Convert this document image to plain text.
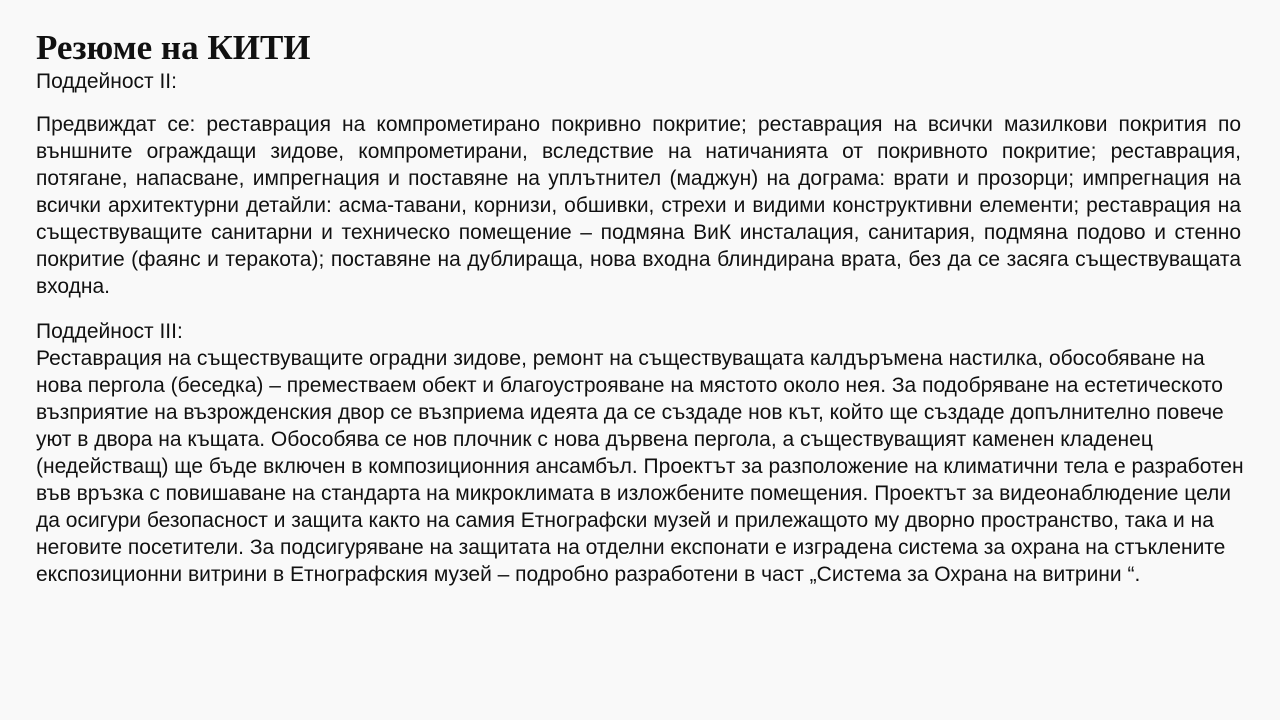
Резюме на КИТИ

Поддейност II:

Предвиждат се: реставрация на компрометирано покривно покритие; реставрация на всички мазилкови покрития по външните ограждащи зидове, компрометирани, вследствие на натичанията от покривното покритие; реставрация, потягане, напасване, импрегнация и поставяне на уплътнител (маджун) на дограма: врати и прозорци; импрегнация на всички архитектурни детайли: асма-тавани, корнизи, обшивки, стрехи и видими конструктивни елементи; реставрация на съществуващите санитарни и техническо помещение – подмяна ВиК инсталация, санитария, подмяна подово и стенно покритие (фаянс и теракота); поставяне на дублираща, нова входна блиндирана врата, без да се засяга съществуващата входна.

Поддейност III:

Реставрация на съществуващите оградни зидове, ремонт на съществуващата калдъръмена настилка, обособяване на нова пергола (беседка) – преместваем обект и благоустрояване на мястото около нея. За подобряване на естетическото възприятие на възрожденския двор се възприема идеята да се създаде нов кът, който ще създаде допълнително повече уют в двора на къщата. Обособява се нов плочник с нова дървена пергола, а съществуващият каменен кладенец (недействащ) ще бъде включен в композиционния ансамбъл. Проектът за разположение на климатични тела е разработен във връзка с повишаване на стандарта на микроклимата в изложбените помещения. Проектът за видеонаблюдение цели да осигури безопасност и защита както на самия Етнографски музей и прилежащото му дворно пространство, така и на неговите посетители. За подсигуряване на защитата на отделни експонати е изградена система за охрана на стъклените експозиционни витрини в Етнографския музей – подробно разработени в част „Система за Охрана на витрини “.
